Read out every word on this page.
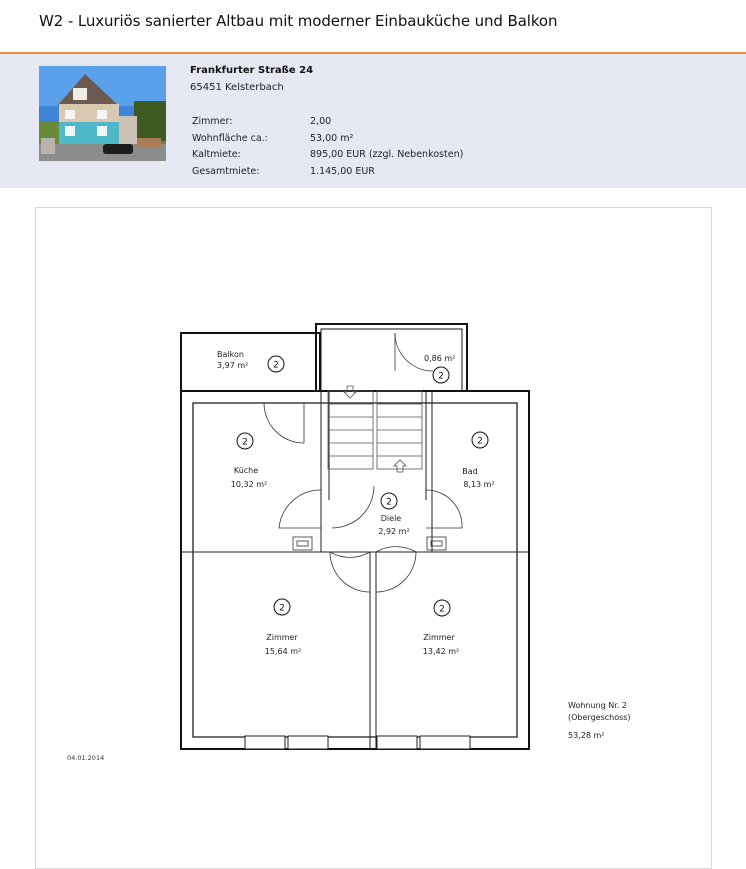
W2 - Luxuriös sanierter Altbau mit moderner Einbauküche und Balkon
Frankfurter Straße 24
65451 Kelsterbach
Zimmer:	2,00
Wohnfläche ca.:	53,00 m²
Kaltmiete:	895,00 EUR (zzgl. Nebenkosten)
Gesamtmiete:	1.145,00 EUR
2
2
2	2
2
2	2
Balkon
3,97 m²
0,86 m²
Küche
10,32 m²
Bad
8,13 m²
Diele
2,92 m²
Zimmer
15,64 m²
Zimmer
13,42 m²
Wohnung Nr. 2
(Obergeschoss)
53,28 m²
04.01.2014
